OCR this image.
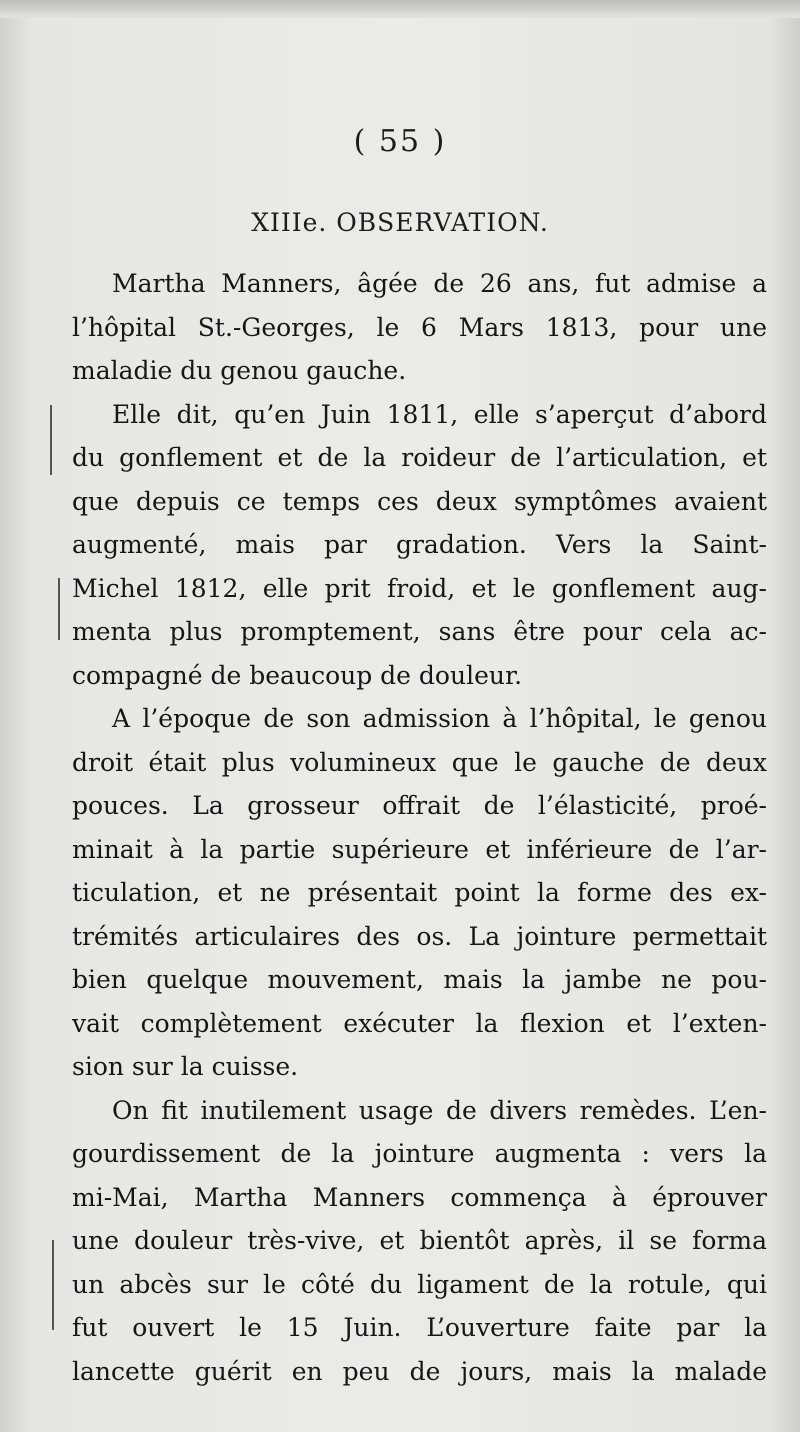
( 55 )
XIIIe. OBSERVATION.
Martha Manners, âgée de 26 ans, fut admise a
l’hôpital St.-Georges, le 6 Mars 1813, pour une
maladie du genou gauche.
Elle dit, qu’en Juin 1811, elle s’aperçut d’abord
du gonflement et de la roideur de l’articulation, et
que depuis ce temps ces deux symptômes avaient
augmenté, mais par gradation. Vers la Saint-
Michel 1812, elle prit froid, et le gonflement aug-
menta plus promptement, sans être pour cela ac-
compagné de beaucoup de douleur.
A l’époque de son admission à l’hôpital, le genou
droit était plus volumineux que le gauche de deux
pouces. La grosseur offrait de l’élasticité, proé-
minait à la partie supérieure et inférieure de l’ar-
ticulation, et ne présentait point la forme des ex-
trémités articulaires des os. La jointure permettait
bien quelque mouvement, mais la jambe ne pou-
vait complètement exécuter la flexion et l’exten-
sion sur la cuisse.
On fit inutilement usage de divers remèdes. L’en-
gourdissement de la jointure augmenta : vers la
mi-Mai, Martha Manners commença à éprouver
une douleur très-vive, et bientôt après, il se forma
un abcès sur le côté du ligament de la rotule, qui
fut ouvert le 15 Juin. L’ouverture faite par la
lancette guérit en peu de jours, mais la malade
